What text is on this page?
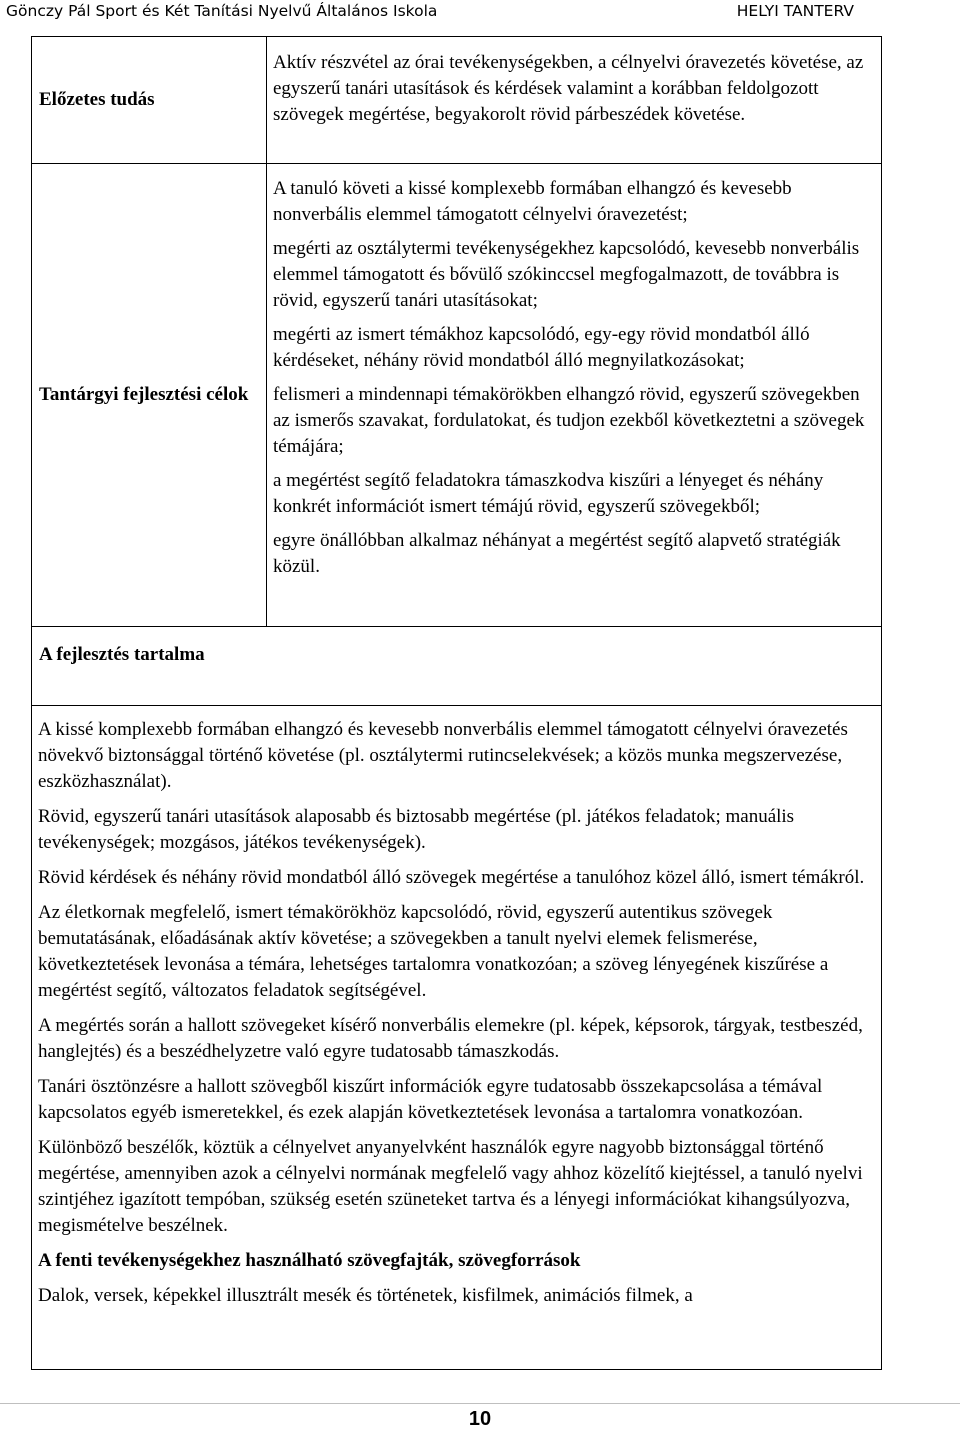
Gönczy Pál Sport és Két Tanítási Nyelvű Általános Iskola	HELYI TANTERV
Előzetes tudás

Aktív részvétel az órai tevékenységekben, a célnyelvi óravezetés követése, az egyszerű tanári utasítások és kérdések valamint a korábban feldolgozott szövegek megértése, begyakorolt rövid párbeszédek követése.

Tantárgyi fejlesztési célok

A tanuló követi a kissé komplexebb formában elhangzó és kevesebb nonverbális elemmel támogatott célnyelvi óravezetést;

megérti az osztálytermi tevékenységekhez kapcsolódó, kevesebb nonverbális elemmel támogatott és bővülő szókinccsel megfogalmazott, de továbbra is rövid, egyszerű tanári utasításokat;

megérti az ismert témákhoz kapcsolódó, egy-egy rövid mondatból álló kérdéseket, néhány rövid mondatból álló megnyilatkozásokat;

felismeri a mindennapi témakörökben elhangzó rövid, egyszerű szövegekben az ismerős szavakat, fordulatokat, és tudjon ezekből következtetni a szövegek témájára;

a megértést segítő feladatokra támaszkodva kiszűri a lényeget és néhány konkrét információt ismert témájú rövid, egyszerű szövegekből;

egyre önállóbban alkalmaz néhányat a megértést segítő alapvető stratégiák közül.

A fejlesztés tartalma

A kissé komplexebb formában elhangzó és kevesebb nonverbális elemmel támogatott célnyelvi óravezetés növekvő biztonsággal történő követése (pl. osztálytermi rutincselekvések; a közös munka megszervezése, eszközhasználat).

Rövid, egyszerű tanári utasítások alaposabb és biztosabb megértése (pl. játékos feladatok; manuális tevékenységek; mozgásos, játékos tevékenységek).

Rövid kérdések és néhány rövid mondatból álló szövegek megértése a tanulóhoz közel álló, ismert témákról.

Az életkornak megfelelő, ismert témakörökhöz kapcsolódó, rövid, egyszerű autentikus szövegek bemutatásának, előadásának aktív követése; a szövegekben a tanult nyelvi elemek felismerése, következtetések levonása a témára, lehetséges tartalomra vonatkozóan; a szöveg lényegének kiszűrése a megértést segítő, változatos feladatok segítségével.

A megértés során a hallott szövegeket kísérő nonverbális elemekre (pl. képek, képsorok, tárgyak, testbeszéd, hanglejtés) és a beszédhelyzetre való egyre tudatosabb támaszkodás.

Tanári ösztönzésre a hallott szövegből kiszűrt információk egyre tudatosabb összekapcsolása a témával kapcsolatos egyéb ismeretekkel, és ezek alapján következtetések levonása a tartalomra vonatkozóan.

Különböző beszélők, köztük a célnyelvet anyanyelvként használók egyre nagyobb biztonsággal történő megértése, amennyiben azok a célnyelvi normának megfelelő vagy ahhoz közelítő kiejtéssel, a tanuló nyelvi szintjéhez igazított tempóban, szükség esetén szüneteket tartva és a lényegi információkat kihangsúlyozva, megismételve beszélnek.

A fenti tevékenységekhez használható szövegfajták, szövegforrások

Dalok, versek, képekkel illusztrált mesék és történetek, kisfilmek, animációs filmek, a

10
